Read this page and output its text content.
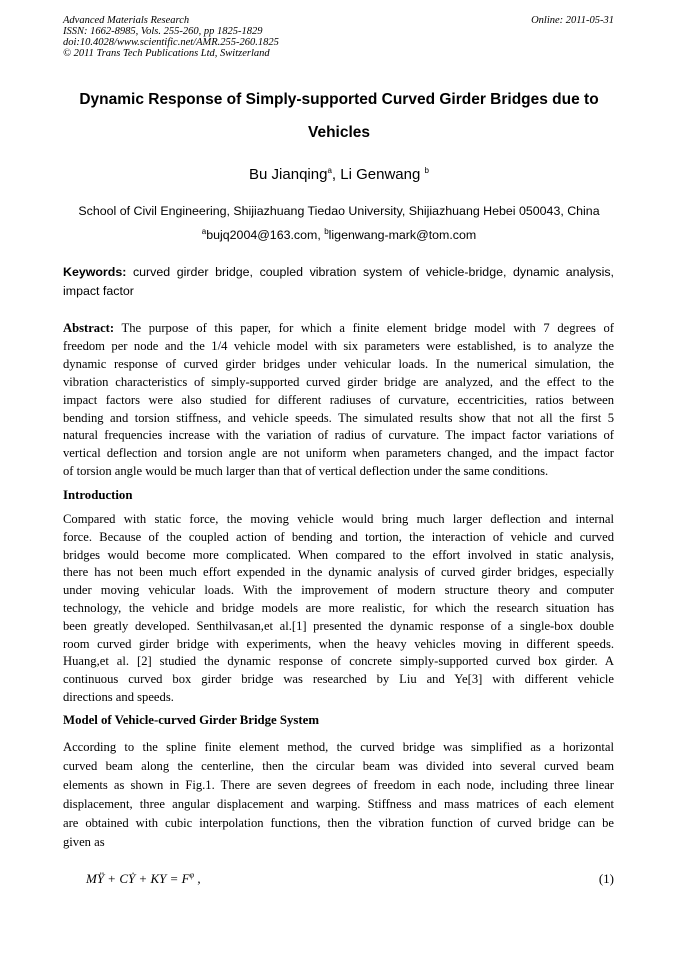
Advanced Materials Research
ISSN: 1662-8985, Vols. 255-260, pp 1825-1829
doi:10.4028/www.scientific.net/AMR.255-260.1825
© 2011 Trans Tech Publications Ltd, Switzerland
Online: 2011-05-31
Dynamic Response of Simply-supported Curved Girder Bridges due to
Vehicles
Bu Jianqing$^a$, Li Genwang $^b$
School of Civil Engineering, Shijiazhuang Tiedao University, Shijiazhuang Hebei 050043, China
$^a$bujq2004@163.com, $^b$ligenwang-mark@tom.com
Keywords: curved girder bridge, coupled vibration system of vehicle-bridge, dynamic analysis,
impact factor
Abstract: The purpose of this paper, for which a finite element bridge model with 7 degrees of
freedom per node and the 1/4 vehicle model with six parameters were established, is to analyze the
dynamic response of curved girder bridges under vehicular loads. In the numerical simulation, the
vibration characteristics of simply-supported curved girder bridge are analyzed, and the effect to the
impact factors were also studied for different radiuses of curvature, eccentricities, ratios between
bending and torsion stiffness, and vehicle speeds. The simulated results show that not all the first 5
natural frequencies increase with the variation of radius of curvature. The impact factor variations of
vertical deflection and torsion angle are not uniform when parameters changed, and the impact factor
of torsion angle would be much larger than that of vertical deflection under the same conditions.
Introduction
Compared with static force, the moving vehicle would bring much larger deflection and internal
force. Because of the coupled action of bending and tortion, the interaction of vehicle and curved
bridges would become more complicated. When compared to the effort involved in static analysis,
there has not been much effort expended in the dynamic analysis of curved girder bridges, especially
under moving vehicular loads. With the improvement of modern structure theory and computer
technology, the vehicle and bridge models are more realistic, for which the research situation has
been greatly developed. Senthilvasan,et al.[1] presented the dynamic response of a single-box double
room curved girder bridge with experiments, when the heavy vehicles moving in different speeds.
Huang,et al. [2] studied the dynamic response of concrete simply-supported curved box girder. A
continuous curved box girder bridge was researched by Liu and Ye[3] with different vehicle
directions and speeds.
Model of Vehicle-curved Girder Bridge System
According to the spline finite element method, the curved bridge was simplified as a horizontal
curved beam along the centerline, then the circular beam was divided into several curved beam
elements as shown in Fig.1. There are seven degrees of freedom in each node, including three linear
displacement, three angular displacement and warping. Stiffness and mass matrices of each element
are obtained with cubic interpolation functions, then the vibration function of curved bridge can be
given as
MŸ + CẎ + KY = $F^\varphi$ ,	(1)
